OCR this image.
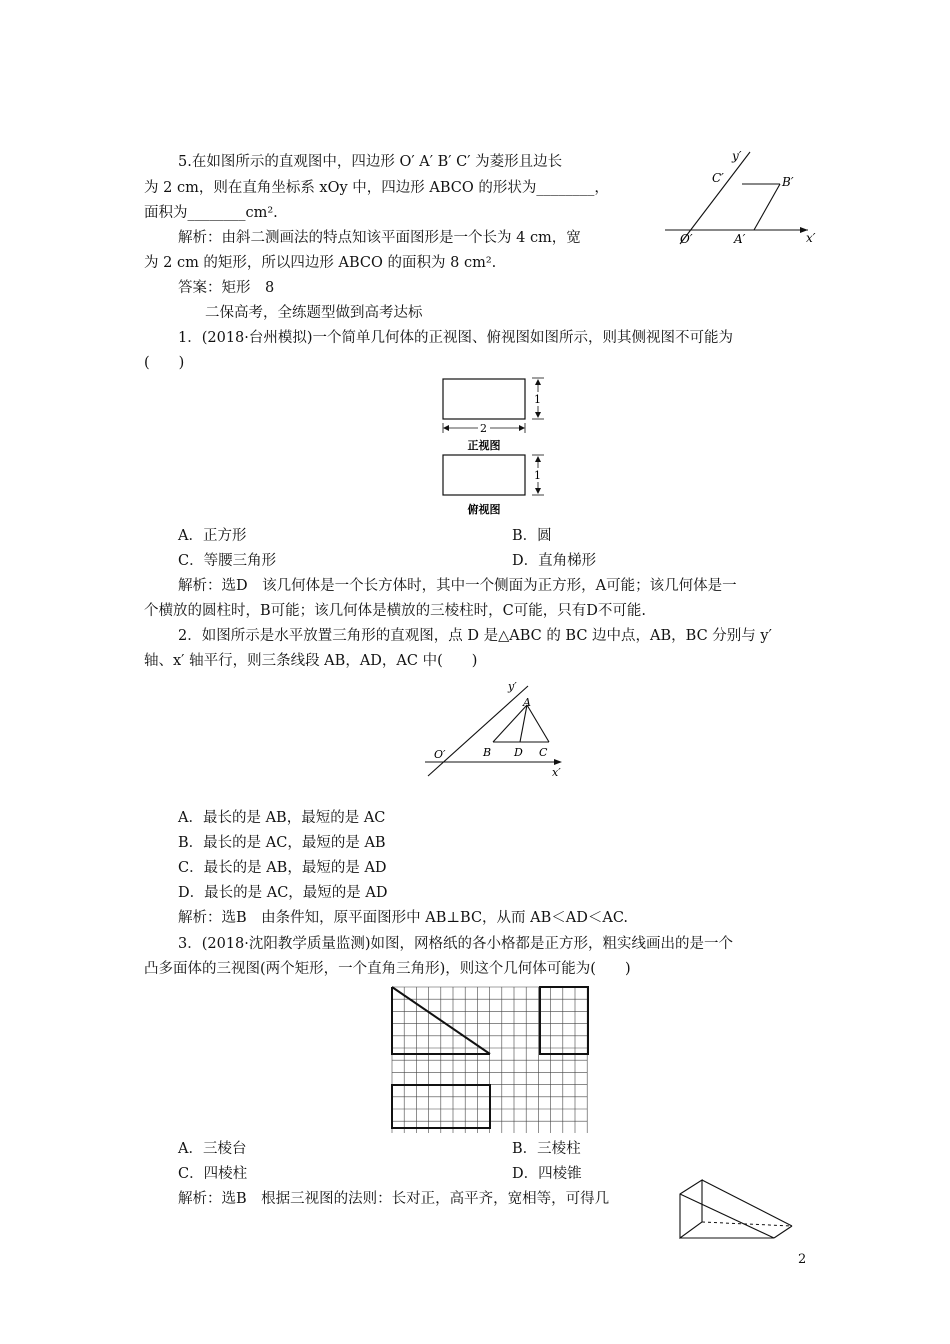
5.在如图所示的直观图中，四边形 O′ A′ B′ C′ 为菱形且边长
为 2 cm，则在直角坐标系 xOy 中，四边形 ABCO 的形状为________，
面积为________cm².
解析：由斜二测画法的特点知该平面图形是一个长为 4 cm，宽
为 2 cm 的矩形，所以四边形 ABCO 的面积为 8 cm².
答案：矩形　8
y′
x′
O′	A′
B′
C′
二保高考，全练题型做到高考达标
1．(2018·台州模拟)一个简单几何体的正视图、俯视图如图所示，则其侧视图不可能为
(　　)
1
2
正视图
1
俯视图
A．正方形	B．圆
C．等腰三角形	D．直角梯形
解析：选D　该几何体是一个长方体时，其中一个侧面为正方形，A可能；该几何体是一
个横放的圆柱时，B可能；该几何体是横放的三棱柱时，C可能，只有D不可能.
2．如图所示是水平放置三角形的直观图，点 D 是△ABC 的 BC 边中点，AB，BC 分别与 y′
轴、x′ 轴平行，则三条线段 AB，AD，AC 中(　　)
y′
x′
O′
A
B D C
A．最长的是 AB，最短的是 AC
B．最长的是 AC，最短的是 AB
C．最长的是 AB，最短的是 AD
D．最长的是 AC，最短的是 AD
解析：选B　由条件知，原平面图形中 AB⊥BC，从而 AB＜AD＜AC.
3．(2018·沈阳教学质量监测)如图，网格纸的各小格都是正方形，粗实线画出的是一个
凸多面体的三视图(两个矩形，一个直角三角形)，则这个几何体可能为(　　)
A．三棱台	B．三棱柱
C．四棱柱	D．四棱锥
解析：选B　根据三视图的法则：长对正，高平齐，宽相等，可得几
2
